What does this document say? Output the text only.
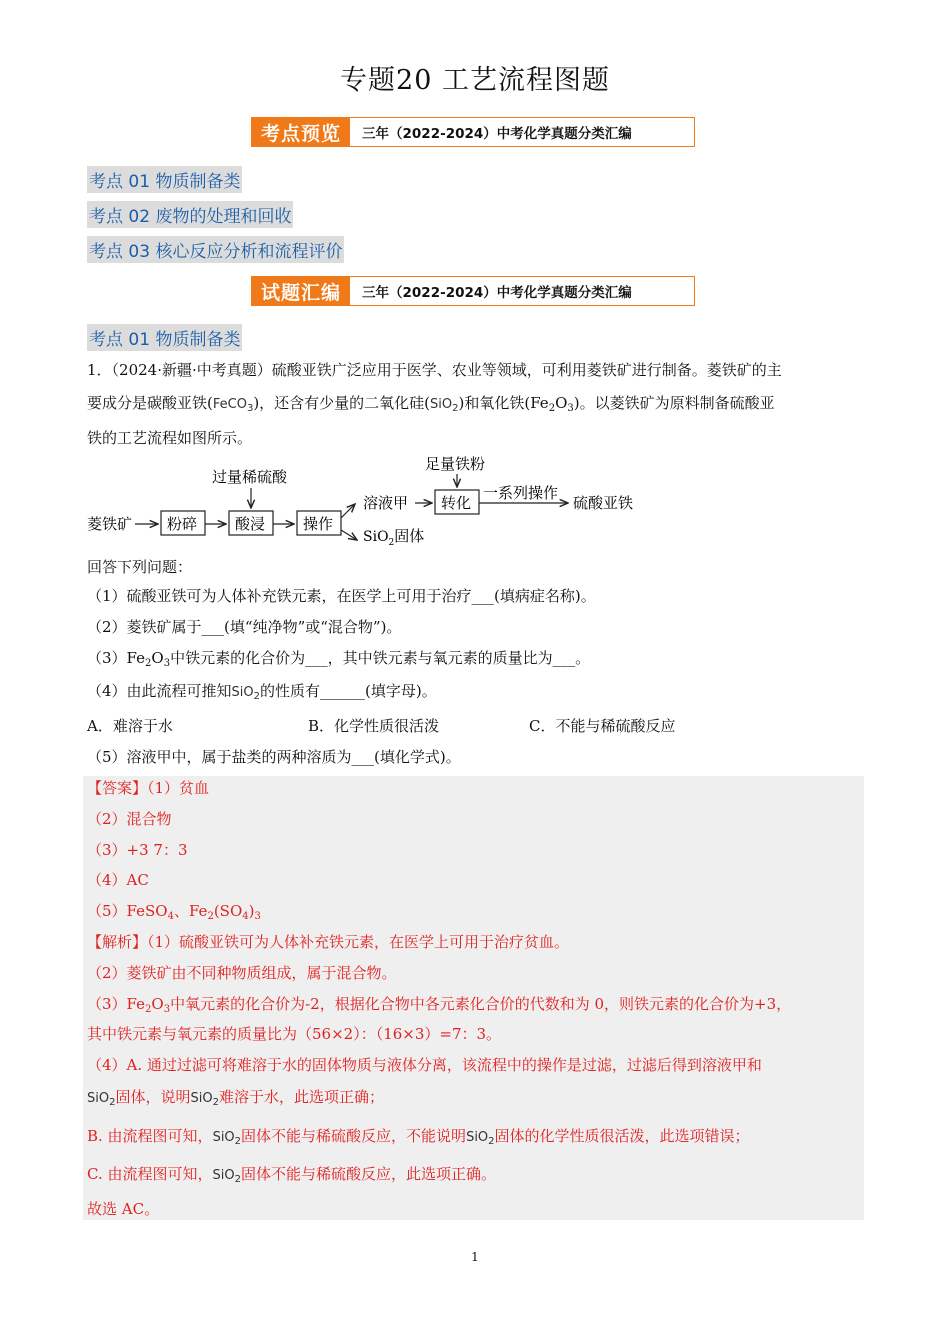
专题20 工艺流程图题
考点预览	三年（2022-2024）中考化学真题分类汇编
考点 01 物质制备类
考点 02 废物的处理和回收
考点 03 核心反应分析和流程评价
试题汇编	三年（2022-2024）中考化学真题分类汇编
考点 01 物质制备类
1．（2024·新疆·中考真题）硫酸亚铁广泛应用于医学、农业等领域，可利用菱铁矿进行制备。菱铁矿的主
要成分是碳酸亚铁(FeCO$_3$)，还含有少量的二氧化硅(SiO$_2$)和氧化铁$(Fe_2O_3)$。以菱铁矿为原料制备硫酸亚
铁的工艺流程如图所示。
菱铁矿 粉碎	酸浸
过量稀硫酸
操作
溶液甲
SiO$_2$固体
转化
足量铁粉
一系列操作
硫酸亚铁
回答下列问题：
（1）硫酸亚铁可为人体补充铁元素，在医学上可用于治疗___(填病症名称)。
（2）菱铁矿属于___(填“纯净物”或“混合物”)。
$(3)Fe_2O_3$中铁元素的化合价为___，其中铁元素与氧元素的质量比为___。
（4）由此流程可推知SiO$_2$的性质有______(填字母)。
A．难溶于水	B．化学性质很活泼	C．不能与稀硫酸反应
（5）溶液甲中，属于盐类的两种溶质为___(填化学式)。
【答案】（1）贫血
（2）混合物
（3）+3 7：3
（4）AC
（5）FeSO$_4$、$Fe_2(SO_4)_3$
【解析】（1）硫酸亚铁可为人体补充铁元素，在医学上可用于治疗贫血。
（2）菱铁矿由不同种物质组成，属于混合物。
$(3)Fe_2O_3$中氧元素的化合价为-2，根据化合物中各元素化合价的代数和为 0，则铁元素的化合价为+3，
其中铁元素与氧元素的质量比为（56×2）：（16×3）=7：3。
（4）A. 通过过滤可将难溶于水的固体物质与液体分离，该流程中的操作是过滤，过滤后得到溶液甲和
SiO$_2$固体，说明SiO$_2$难溶于水，此选项正确；
B. 由流程图可知，SiO$_2$固体不能与稀硫酸反应，不能说明SiO$_2$固体的化学性质很活泼，此选项错误；
C. 由流程图可知，SiO$_2$固体不能与稀硫酸反应，此选项正确。
故选 AC。
1
